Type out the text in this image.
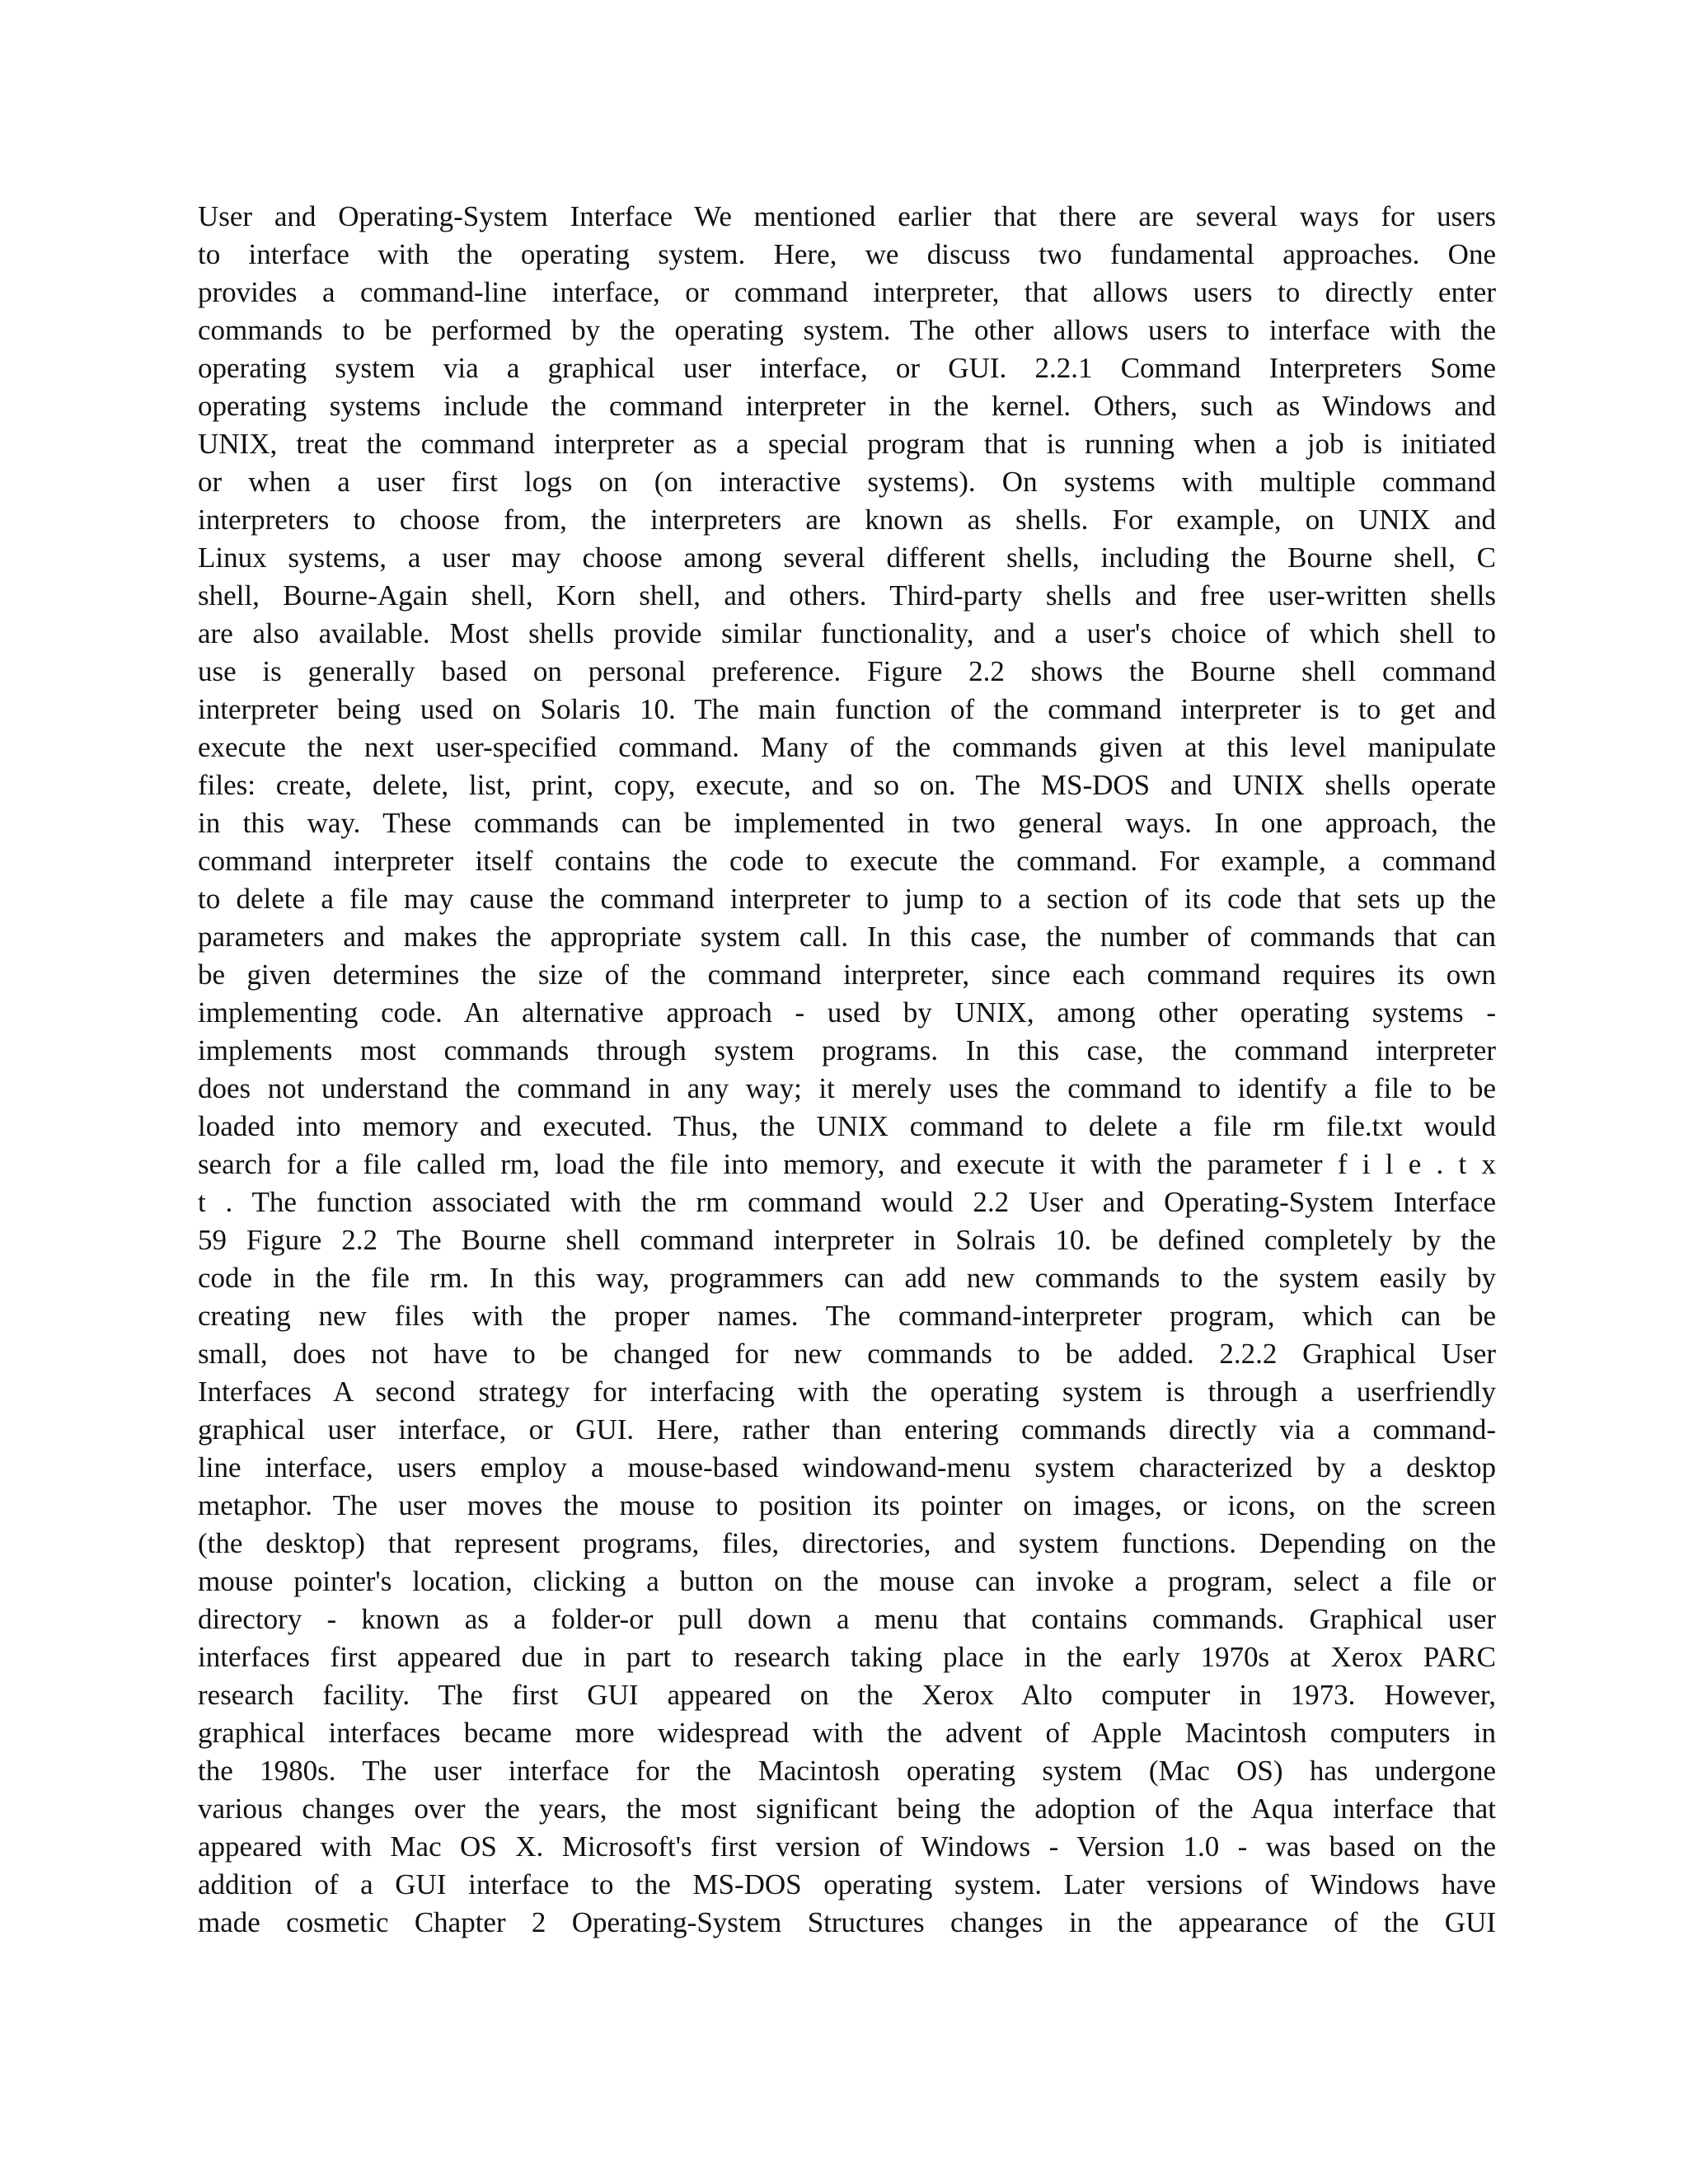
User and Operating-System Interface We mentioned earlier that there are several ways for users
to interface with the operating system. Here, we discuss two fundamental approaches. One
provides a command-line interface, or command interpreter, that allows users to directly enter
commands to be performed by the operating system. The other allows users to interface with the
operating system via a graphical user interface, or GUI. 2.2.1 Command Interpreters Some
operating systems include the command interpreter in the kernel. Others, such as Windows and
UNIX, treat the command interpreter as a special program that is running when a job is initiated
or when a user first logs on (on interactive systems). On systems with multiple command
interpreters to choose from, the interpreters are known as shells. For example, on UNIX and
Linux systems, a user may choose among several different shells, including the Bourne shell, C
shell, Bourne-Again shell, Korn shell, and others. Third-party shells and free user-written shells
are also available. Most shells provide similar functionality, and a user's choice of which shell to
use is generally based on personal preference. Figure 2.2 shows the Bourne shell command
interpreter being used on Solaris 10. The main function of the command interpreter is to get and
execute the next user-specified command. Many of the commands given at this level manipulate
files: create, delete, list, print, copy, execute, and so on. The MS-DOS and UNIX shells operate
in this way. These commands can be implemented in two general ways. In one approach, the
command interpreter itself contains the code to execute the command. For example, a command
to delete a file may cause the command interpreter to jump to a section of its code that sets up the
parameters and makes the appropriate system call. In this case, the number of commands that can
be given determines the size of the command interpreter, since each command requires its own
implementing code. An alternative approach - used by UNIX, among other operating systems -
implements most commands through system programs. In this case, the command interpreter
does not understand the command in any way; it merely uses the command to identify a file to be
loaded into memory and executed. Thus, the UNIX command to delete a file rm file.txt would
search for a file called rm, load the file into memory, and execute it with the parameter f i l e . t x
t . The function associated with the rm command would 2.2 User and Operating-System Interface
59 Figure 2.2 The Bourne shell command interpreter in Solrais 10. be defined completely by the
code in the file rm. In this way, programmers can add new commands to the system easily by
creating new files with the proper names. The command-interpreter program, which can be
small, does not have to be changed for new commands to be added. 2.2.2 Graphical User
Interfaces A second strategy for interfacing with the operating system is through a userfriendly
graphical user interface, or GUI. Here, rather than entering commands directly via a command-
line interface, users employ a mouse-based windowand-menu system characterized by a desktop
metaphor. The user moves the mouse to position its pointer on images, or icons, on the screen
(the desktop) that represent programs, files, directories, and system functions. Depending on the
mouse pointer's location, clicking a button on the mouse can invoke a program, select a file or
directory - known as a folder-or pull down a menu that contains commands. Graphical user
interfaces first appeared due in part to research taking place in the early 1970s at Xerox PARC
research facility. The first GUI appeared on the Xerox Alto computer in 1973. However,
graphical interfaces became more widespread with the advent of Apple Macintosh computers in
the 1980s. The user interface for the Macintosh operating system (Mac OS) has undergone
various changes over the years, the most significant being the adoption of the Aqua interface that
appeared with Mac OS X. Microsoft's first version of Windows - Version 1.0 - was based on the
addition of a GUI interface to the MS-DOS operating system. Later versions of Windows have
made cosmetic Chapter 2 Operating-System Structures changes in the appearance of the GUI
